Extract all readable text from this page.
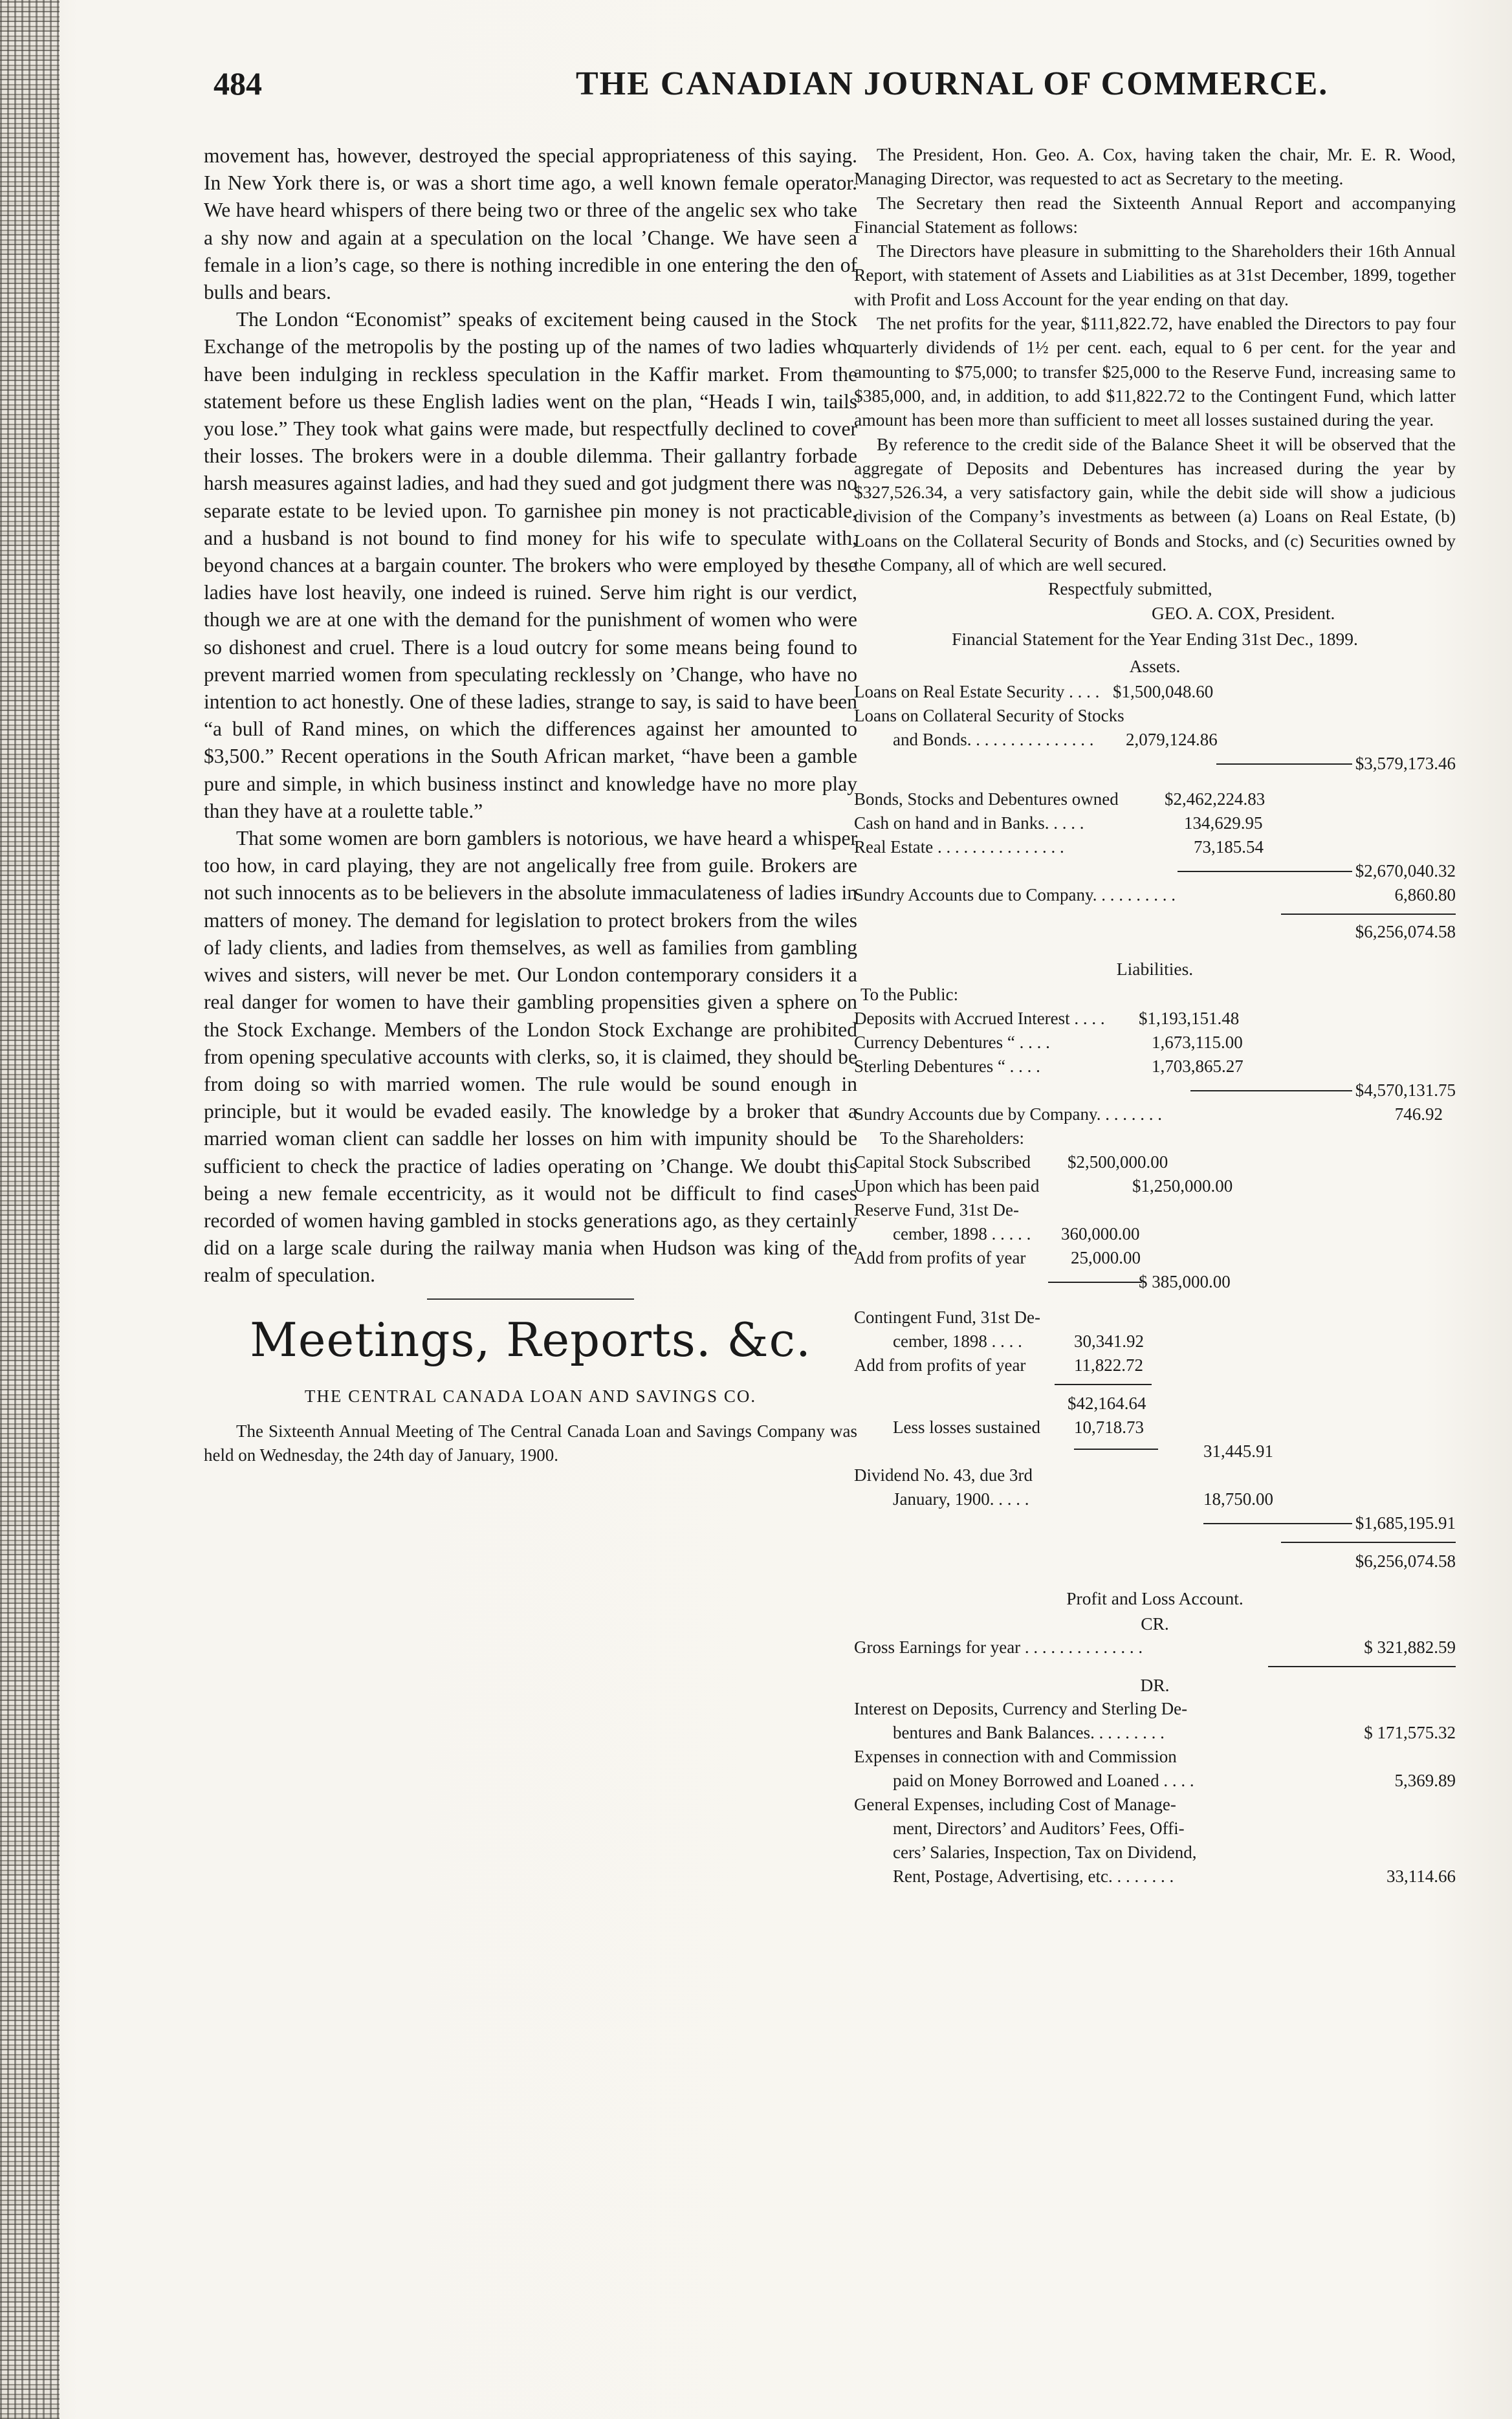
484	THE CANADIAN JOURNAL OF COMMERCE.

movement has, however, destroyed the special appropriateness of this saying. In New York there is, or was a short time ago, a well known female operator. We have heard whispers of there being two or three of the angelic sex who take a shy now and again at a speculation on the local ’Change. We have seen a female in a lion’s cage, so there is nothing incredible in one entering the den of bulls and bears.

The London “Economist” speaks of excitement being caused in the Stock Exchange of the metropolis by the posting up of the names of two ladies who have been indulging in reckless speculation in the Kaffir market. From the statement before us these English ladies went on the plan, “Heads I win, tails you lose.” They took what gains were made, but respectfully declined to cover their losses. The brokers were in a double dilemma. Their gallantry forbade harsh measures against ladies, and had they sued and got judgment there was no separate estate to be levied upon. To garnishee pin money is not practicable, and a husband is not bound to find money for his wife to speculate with, beyond chances at a bargain counter. The brokers who were employed by these ladies have lost heavily, one indeed is ruined. Serve him right is our verdict, though we are at one with the demand for the punishment of women who were so dishonest and cruel. There is a loud outcry for some means being found to prevent married women from speculating recklessly on ’Change, who have no intention to act honestly. One of these ladies, strange to say, is said to have been “a bull of Rand mines, on which the differences against her amounted to $3,500.” Recent operations in the South African market, “have been a gamble pure and simple, in which business instinct and knowledge have no more play than they have at a roulette table.”

That some women are born gamblers is notorious, we have heard a whisper too how, in card playing, they are not angelically free from guile. Brokers are not such innocents as to be believers in the absolute immaculateness of ladies in matters of money. The demand for legislation to protect brokers from the wiles of lady clients, and ladies from themselves, as well as families from gambling wives and sisters, will never be met. Our London contemporary considers it a real danger for women to have their gambling propensities given a sphere on the Stock Exchange. Members of the London Stock Exchange are prohibited from opening speculative accounts with clerks, so, it is claimed, they should be from doing so with married women. The rule would be sound enough in principle, but it would be evaded easily. The knowledge by a broker that a married woman client can saddle her losses on him with impunity should be sufficient to check the practice of ladies operating on ’Change. We doubt this being a new female eccentricity, as it would not be difficult to find cases recorded of women having gambled in stocks generations ago, as they certainly did on a large scale during the railway mania when Hudson was king of the realm of speculation.

Meetings, Reports. &c.
THE CENTRAL CANADA LOAN AND SAVINGS CO.

The Sixteenth Annual Meeting of The Central Canada Loan and Savings Company was held on Wednesday, the 24th day of January, 1900.

The President, Hon. Geo. A. Cox, having taken the chair, Mr. E. R. Wood, Managing Director, was requested to act as Secretary to the meeting.

The Secretary then read the Sixteenth Annual Report and accompanying Financial Statement as follows:

The Directors have pleasure in submitting to the Shareholders their 16th Annual Report, with statement of Assets and Liabilities as at 31st December, 1899, together with Profit and Loss Account for the year ending on that day.

The net profits for the year, $111,822.72, have enabled the Directors to pay four quarterly dividends of 1½ per cent. each, equal to 6 per cent. for the year and amounting to $75,000; to transfer $25,000 to the Reserve Fund, increasing same to $385,000, and, in addition, to add $11,822.72 to the Contingent Fund, which latter amount has been more than sufficient to meet all losses sustained during the year.

By reference to the credit side of the Balance Sheet it will be observed that the aggregate of Deposits and Debentures has increased during the year by $327,526.34, a very satisfactory gain, while the debit side will show a judicious division of the Company’s investments as between (a) Loans on Real Estate, (b) Loans on the Collateral Security of Bonds and Stocks, and (c) Securities owned by the Company, all of which are well secured.

Respectfuly submitted,

GEO. A. COX, President.

Financial Statement for the Year Ending 31st Dec., 1899.

Assets.

Loans on Real Estate Security . . . . $1,500,048.60
Loans on Collateral Security of Stocks
and Bonds. . . . . . . . . . . . . . . 2,079,124.86
$3,579,173.46
Bonds, Stocks and Debentures owned	$2,462,224.83
Cash on hand and in Banks. . . . .	134,629.95
Real Estate . . . . . . . . . . . . . . .	73,185.54
$2,670,040.32
Sundry Accounts due to Company. . . . . . . . . .	6,860.80
$6,256,074.58

Liabilities.

To the Public:
Deposits with Accrued Interest . . . . $1,193,151.48
Currency Debentures “ . . . .	1,673,115.00
Sterling Debentures “ . . . .	1,703,865.27
$4,570,131.75
Sundry Accounts due by Company. . . . . . . .	746.92
To the Shareholders:
Capital Stock Subscribed $2,500,000.00
Upon which has been paid	$1,250,000.00
Reserve Fund, 31st De-
cember, 1898 . . . . . 360,000.00
Add from profits of year	25,000.00
$ 385,000.00
Contingent Fund, 31st De-
cember, 1898 . . . .	30,341.92
Add from profits of year	11,822.72
$42,164.64
Less losses sustained 10,718.73
31,445.91
Dividend No. 43, due 3rd
January, 1900. . . . .	18,750.00
$1,685,195.91
$6,256,074.58

Profit and Loss Account.

CR.

Gross Earnings for year . . . . . . . . . . . . . .	$ 321,882.59

DR.

Interest on Deposits, Currency and Sterling De-
bentures and Bank Balances. . . . . . . . .	$ 171,575.32
Expenses in connection with and Commission
paid on Money Borrowed and Loaned . . . .	5,369.89
General Expenses, including Cost of Manage-
ment, Directors’ and Auditors’ Fees, Offi-
cers’ Salaries, Inspection, Tax on Dividend,
Rent, Postage, Advertising, etc. . . . . . . .	33,114.66
